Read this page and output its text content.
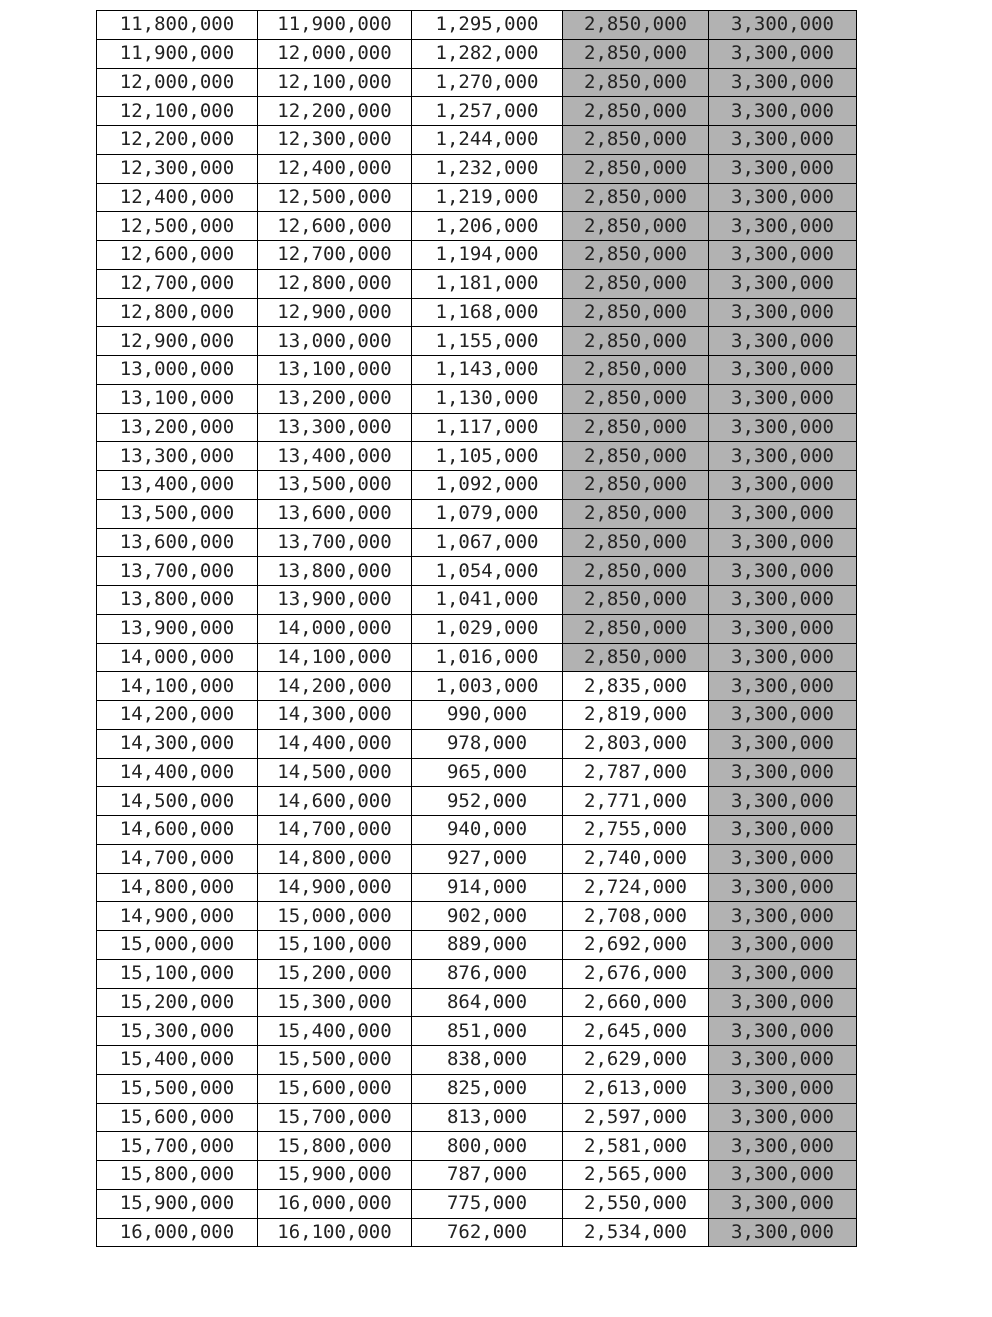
11,800,000	11,900,000	1,295,000	2,850,000	3,300,000
11,900,000	12,000,000	1,282,000	2,850,000	3,300,000
12,000,000	12,100,000	1,270,000	2,850,000	3,300,000
12,100,000	12,200,000	1,257,000	2,850,000	3,300,000
12,200,000	12,300,000	1,244,000	2,850,000	3,300,000
12,300,000	12,400,000	1,232,000	2,850,000	3,300,000
12,400,000	12,500,000	1,219,000	2,850,000	3,300,000
12,500,000	12,600,000	1,206,000	2,850,000	3,300,000
12,600,000	12,700,000	1,194,000	2,850,000	3,300,000
12,700,000	12,800,000	1,181,000	2,850,000	3,300,000
12,800,000	12,900,000	1,168,000	2,850,000	3,300,000
12,900,000	13,000,000	1,155,000	2,850,000	3,300,000
13,000,000	13,100,000	1,143,000	2,850,000	3,300,000
13,100,000	13,200,000	1,130,000	2,850,000	3,300,000
13,200,000	13,300,000	1,117,000	2,850,000	3,300,000
13,300,000	13,400,000	1,105,000	2,850,000	3,300,000
13,400,000	13,500,000	1,092,000	2,850,000	3,300,000
13,500,000	13,600,000	1,079,000	2,850,000	3,300,000
13,600,000	13,700,000	1,067,000	2,850,000	3,300,000
13,700,000	13,800,000	1,054,000	2,850,000	3,300,000
13,800,000	13,900,000	1,041,000	2,850,000	3,300,000
13,900,000	14,000,000	1,029,000	2,850,000	3,300,000
14,000,000	14,100,000	1,016,000	2,850,000	3,300,000
14,100,000	14,200,000	1,003,000	2,835,000	3,300,000
14,200,000	14,300,000	990,000	2,819,000	3,300,000
14,300,000	14,400,000	978,000	2,803,000	3,300,000
14,400,000	14,500,000	965,000	2,787,000	3,300,000
14,500,000	14,600,000	952,000	2,771,000	3,300,000
14,600,000	14,700,000	940,000	2,755,000	3,300,000
14,700,000	14,800,000	927,000	2,740,000	3,300,000
14,800,000	14,900,000	914,000	2,724,000	3,300,000
14,900,000	15,000,000	902,000	2,708,000	3,300,000
15,000,000	15,100,000	889,000	2,692,000	3,300,000
15,100,000	15,200,000	876,000	2,676,000	3,300,000
15,200,000	15,300,000	864,000	2,660,000	3,300,000
15,300,000	15,400,000	851,000	2,645,000	3,300,000
15,400,000	15,500,000	838,000	2,629,000	3,300,000
15,500,000	15,600,000	825,000	2,613,000	3,300,000
15,600,000	15,700,000	813,000	2,597,000	3,300,000
15,700,000	15,800,000	800,000	2,581,000	3,300,000
15,800,000	15,900,000	787,000	2,565,000	3,300,000
15,900,000	16,000,000	775,000	2,550,000	3,300,000
16,000,000	16,100,000	762,000	2,534,000	3,300,000
